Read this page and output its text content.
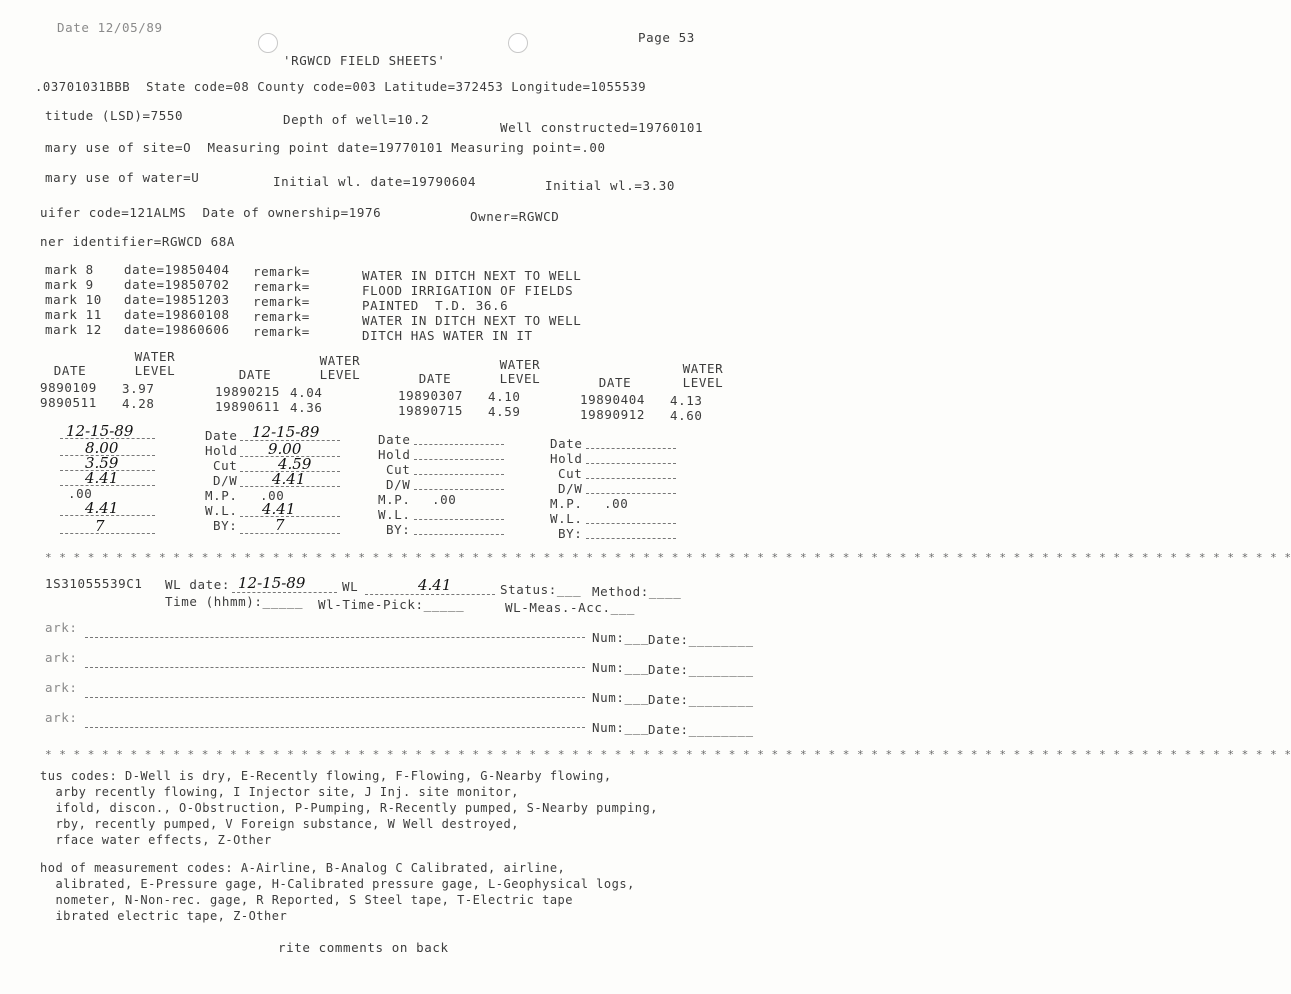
Date 12/05/89
Page 53
'RGWCD FIELD SHEETS'
.03701031BBB  State code=08 County code=003 Latitude=372453 Longitude=1055539
titude (LSD)=7550	Depth of well=10.2
Well constructed=19760101
mary use of site=O  Measuring point date=19770101 Measuring point=.00
mary use of water=U	Initial wl. date=19790604	Initial wl.=3.30
uifer code=121ALMS  Date of ownership=1976	Owner=RGWCD
ner identifier=RGWCD 68A
mark 8 date=19850404 remark=	WATER IN DITCH NEXT TO WELL
mark 9 date=19850702 remark=	FLOOD IRRIGATION OF FIELDS
mark 10 date=19851203 remark=	PAINTED  T.D. 36.6
mark 11 date=19860108 remark=	WATER IN DITCH NEXT TO WELL
mark 12 date=19860606 remark=	DITCH HAS WATER IN IT
WATER
DATE	LEVEL
WATER
DATE	LEVEL
WATER
DATE	LEVEL
WATER
DATE	LEVEL
9890109 3.97
9890511 4.28
19890215 4.04
19890611 4.36
19890307 4.10
19890715 4.59
19890404 4.13
19890912 4.60
12-15-89
8.00
3.59
4.41
.00
4.41
7
Date 12-15-89
Hold 9.00
Cut	4.59
D/W 4.41
M.P. .00
W.L. 4.41
BY:	7
Date
Hold
Cut
D/W
M.P. .00
W.L.
BY:
Date
Hold
Cut
D/W
M.P. .00
W.L.
BY:
* * * * * * * * * * * * * * * * * * * * * * * * * * * * * * * * * * * * * * * * * * * * * * * * * * * * * * * * * * * * * * * * * * * * * * * * * * * * * * * * * * * * * * * *
1S31055539C1 WL date: 12-15-89	WL	4.41	Status:___ Method:____
Time (hhmm):_____ Wl-Time-Pick:_____	WL-Meas.-Acc.___
ark:
Num:___ Date:________
ark:
Num:___ Date:________
ark:
Num:___ Date:________
ark:
Num:___ Date:________
* * * * * * * * * * * * * * * * * * * * * * * * * * * * * * * * * * * * * * * * * * * * * * * * * * * * * * * * * * * * * * * * * * * * * * * * * * * * * * * * * * * * * * * *
tus codes: D-Well is dry, E-Recently flowing, F-Flowing, G-Nearby flowing,
arby recently flowing, I Injector site, J Inj. site monitor,
ifold, discon., O-Obstruction, P-Pumping, R-Recently pumped, S-Nearby pumping,
rby, recently pumped, V Foreign substance, W Well destroyed,
rface water effects, Z-Other
hod of measurement codes: A-Airline, B-Analog C Calibrated, airline,
alibrated, E-Pressure gage, H-Calibrated pressure gage, L-Geophysical logs,
nometer, N-Non-rec. gage, R Reported, S Steel tape, T-Electric tape
ibrated electric tape, Z-Other
rite comments on back
